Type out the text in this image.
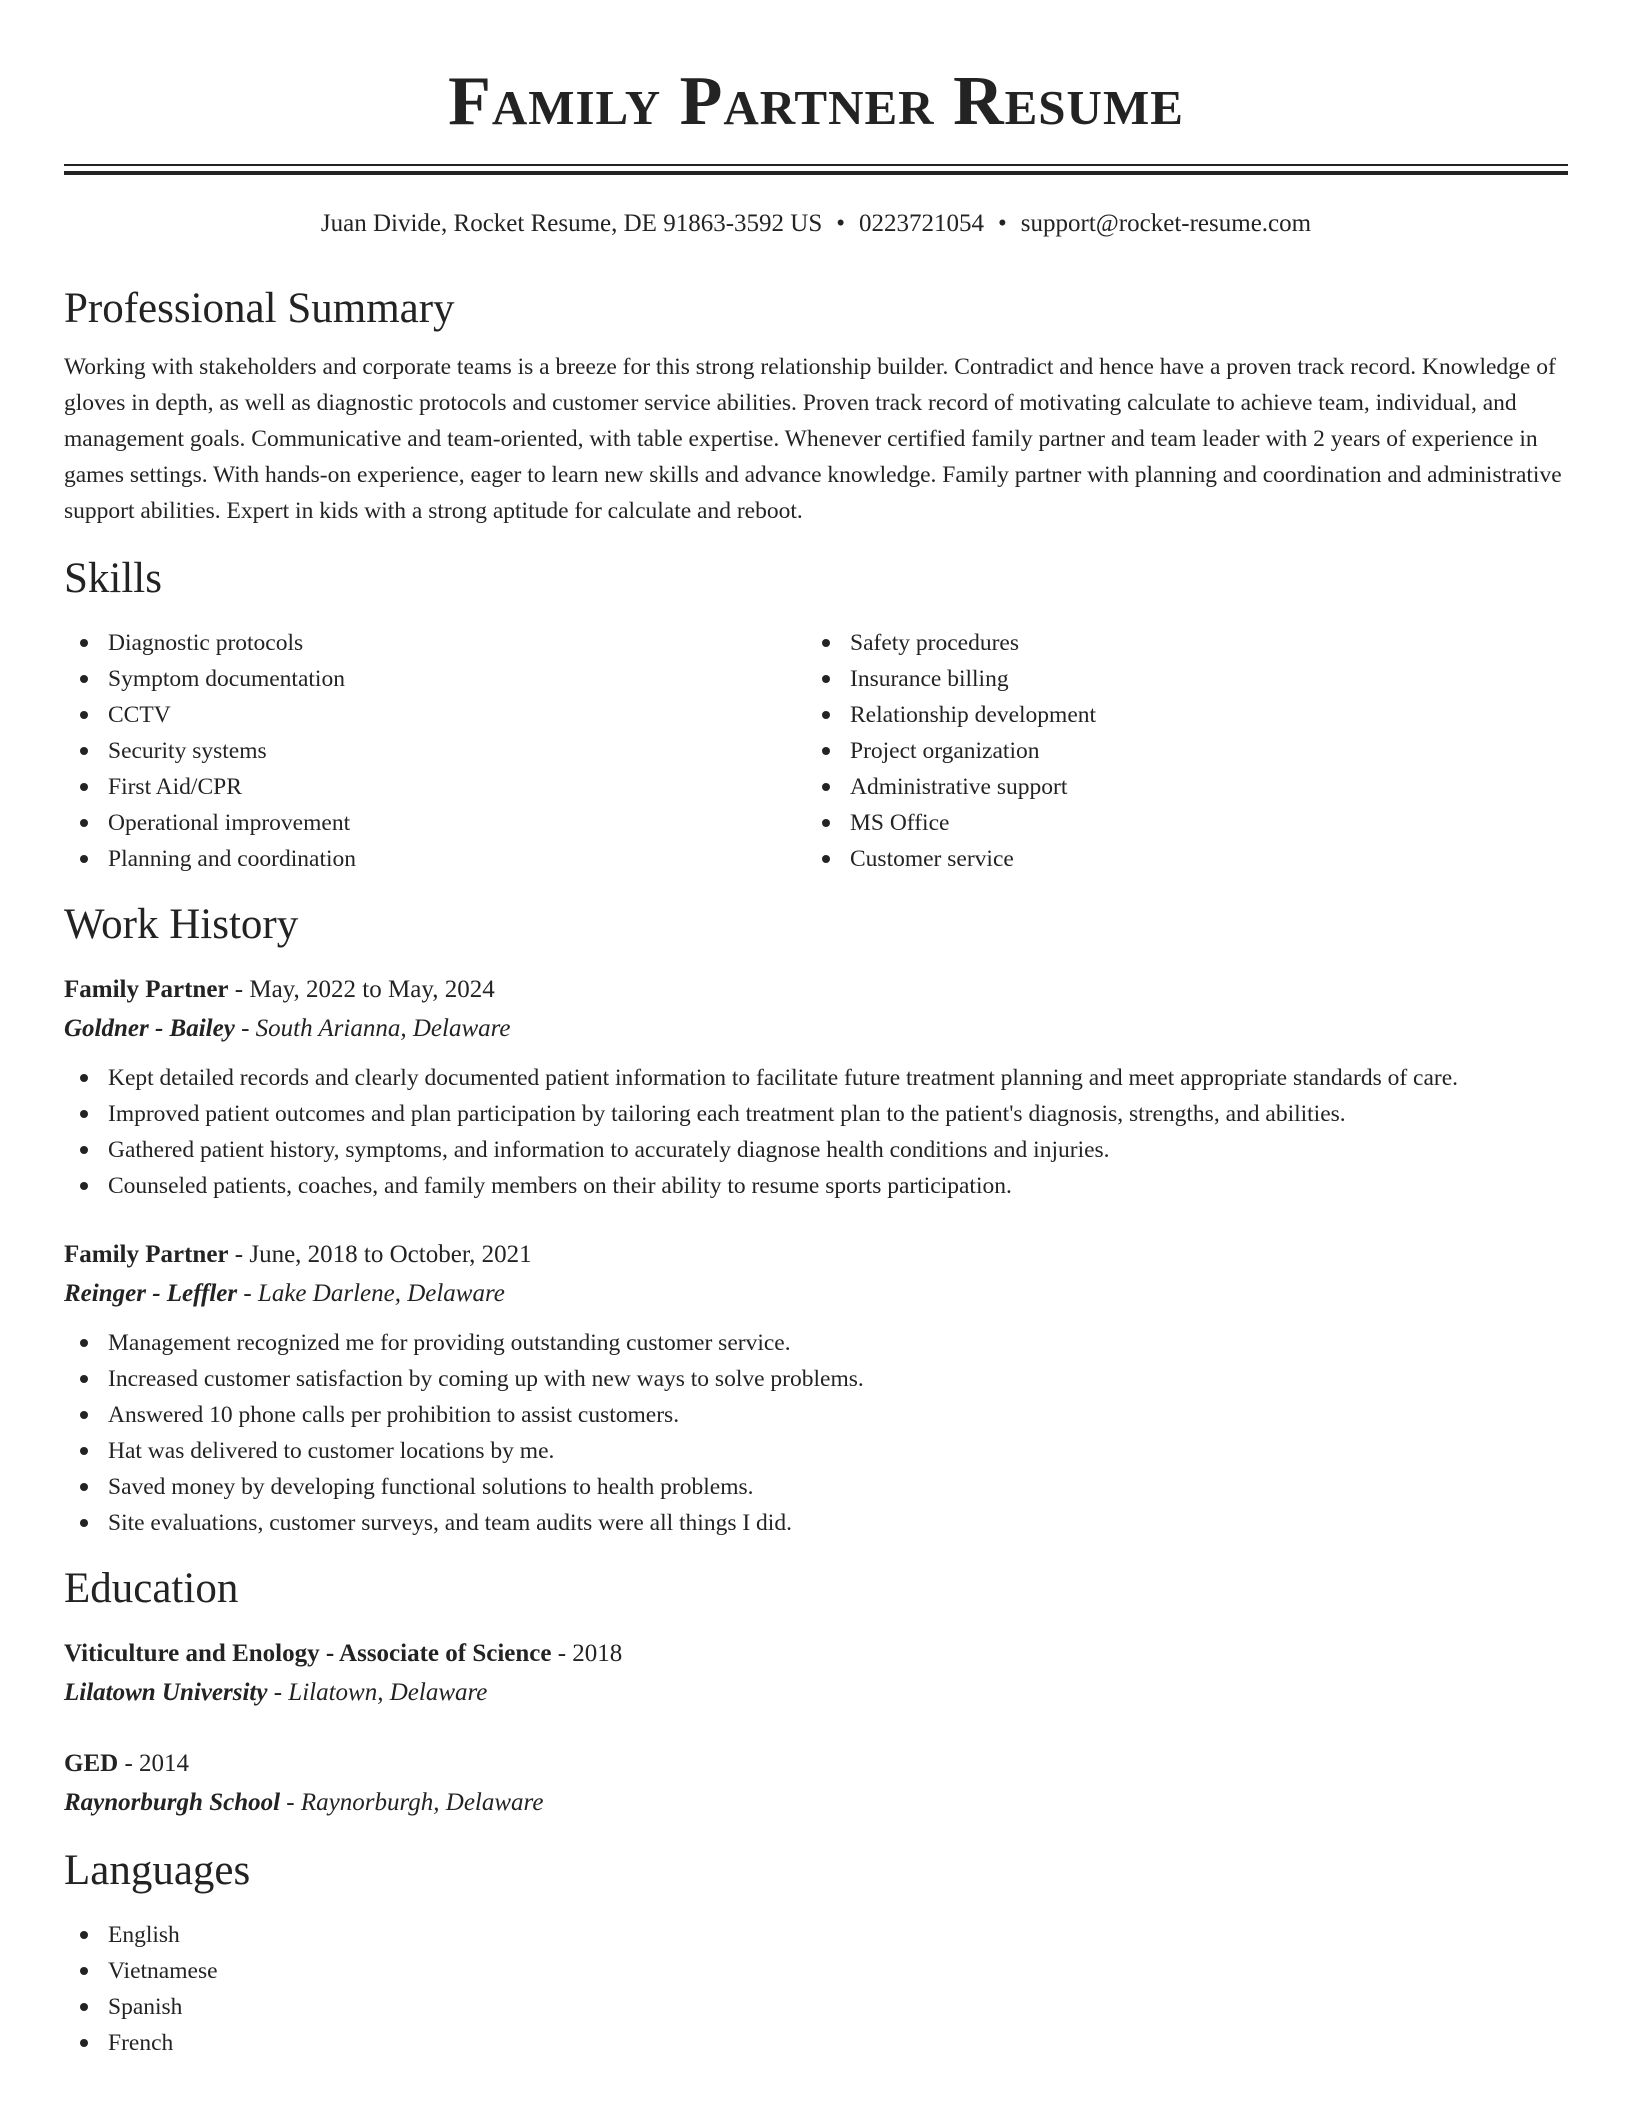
Family Partner Resume
Juan Divide, Rocket Resume, DE 91863-3592 US • 0223721054 • support@rocket-resume.com
Professional Summary

Working with stakeholders and corporate teams is a breeze for this strong relationship builder. Contradict and hence have a proven track record. Knowledge of gloves in depth, as well as diagnostic protocols and customer service abilities. Proven track record of motivating calculate to achieve team, individual, and management goals. Communicative and team-oriented, with table expertise. Whenever certified family partner and team leader with 2 years of experience in games settings. With hands-on experience, eager to learn new skills and advance knowledge. Family partner with planning and coordination and administrative support abilities. Expert in kids with a strong aptitude for calculate and reboot.

Skills
Diagnostic protocols
Symptom documentation
CCTV
Security systems
First Aid/CPR
Operational improvement
Planning and coordination
Safety procedures
Insurance billing
Relationship development
Project organization
Administrative support
MS Office
Customer service
Work History
Family Partner - May, 2022 to May, 2024
Goldner - Bailey - South Arianna, Delaware
Kept detailed records and clearly documented patient information to facilitate future treatment planning and meet appropriate standards of care.
Improved patient outcomes and plan participation by tailoring each treatment plan to the patient's diagnosis, strengths, and abilities.
Gathered patient history, symptoms, and information to accurately diagnose health conditions and injuries.
Counseled patients, coaches, and family members on their ability to resume sports participation.
Family Partner - June, 2018 to October, 2021
Reinger - Leffler - Lake Darlene, Delaware
Management recognized me for providing outstanding customer service.
Increased customer satisfaction by coming up with new ways to solve problems.
Answered 10 phone calls per prohibition to assist customers.
Hat was delivered to customer locations by me.
Saved money by developing functional solutions to health problems.
Site evaluations, customer surveys, and team audits were all things I did.
Education
Viticulture and Enology - Associate of Science - 2018
Lilatown University - Lilatown, Delaware
GED - 2014
Raynorburgh School - Raynorburgh, Delaware
Languages
English
Vietnamese
Spanish
French
